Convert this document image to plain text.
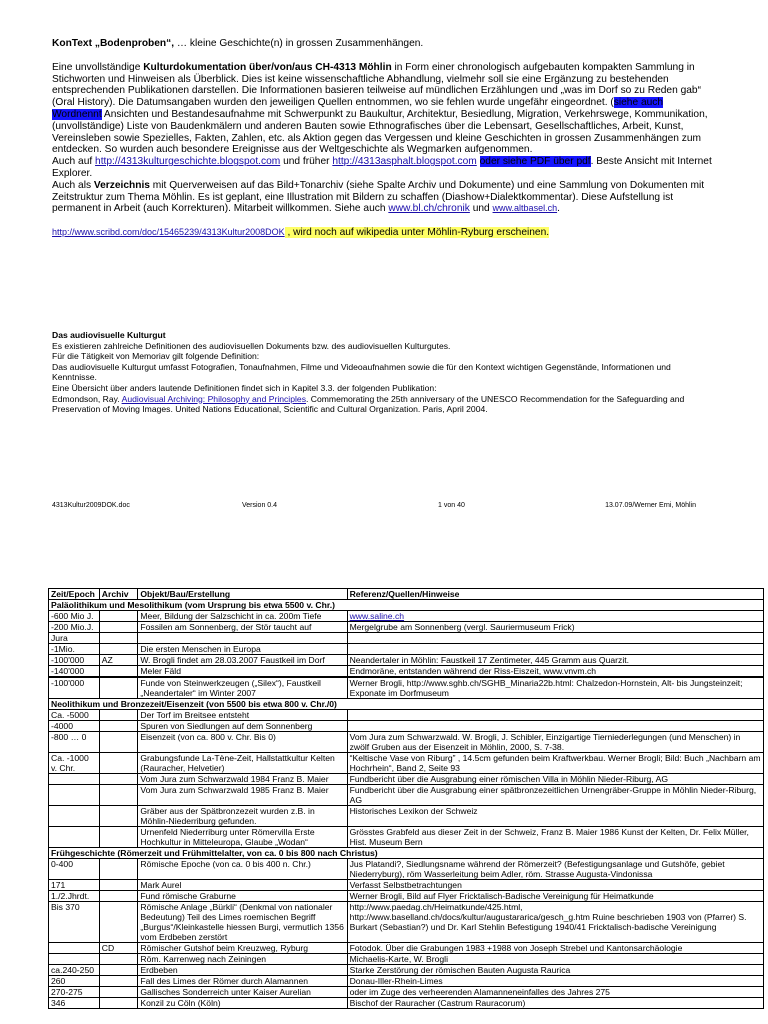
KonText „Bodenproben“, … kleine Geschichte(n) in grossen Zusammenhängen.

Eine unvollständige Kulturdokumentation über/von/aus CH-4313 Möhlin in Form einer chronologisch aufgebauten kompakten Sammlung in Stichworten und Hinweisen als Überblick. Dies ist keine wissenschaftliche Abhandlung, vielmehr soll sie eine Ergänzung zu bestehenden entsprechenden Publikationen darstellen. Die Informationen basieren teilweise auf mündlichen Erzählungen und „was im Dorf so zu Reden gab“ (Oral History). Die Datumsangaben wurden den jeweiligen Quellen entnommen, wo sie fehlen wurde ungefähr eingeordnet. (siehe auch Wordnennt Ansichten und Bestandesaufnahme mit Schwerpunkt zu Baukultur, Architektur, Besiedlung, Migration, Verkehrswege, Kommunikation, (unvollständige) Liste von Baudenkmälern und anderen Bauten sowie Ethnografisches über die Lebensart, Gesellschaftliches, Arbeit, Kunst, Vereinsleben sowie Spezielles, Fakten, Zahlen, etc. als Aktion gegen das Vergessen und kleine Geschichten in grossen Zusammenhängen zum entdecken. So wurden auch besondere Ereignisse aus der Weltgeschichte als Wegmarken aufgenommen.

Auch auf http://4313kulturgeschichte.blogspot.com und früher http://4313asphalt.blogspot.com oder siehe PDF über pdf. Beste Ansicht mit Internet Explorer.

Auch als Verzeichnis mit Querverweisen auf das Bild+Tonarchiv (siehe Spalte Archiv und Dokumente) und eine Sammlung von Dokumenten mit Zeitstruktur zum Thema Möhlin. Es ist geplant, eine Illustration mit Bildern zu schaffen (Diashow+Dialektkommentar). Diese Aufstellung ist permanent in Arbeit (auch Korrekturen). Mitarbeit willkommen. Siehe auch www.bl.ch/chronik und www.altbasel.ch.

http://www.scribd.com/doc/15465239/4313Kultur2008DOK , wird noch auf wikipedia unter Möhlin-Ryburg erscheinen.

Das audiovisuelle Kulturgut

Es existieren zahlreiche Definitionen des audiovisuellen Dokuments bzw. des audiovisuellen Kulturgutes.

Für die Tätigkeit von Memoriav gilt folgende Definition:

Das audiovisuelle Kulturgut umfasst Fotografien, Tonaufnahmen, Filme und Videoaufnahmen sowie die für den Kontext wichtigen Gegenstände, Informationen und Kenntnisse.

Eine Übersicht über anders lautende Definitionen findet sich in Kapitel 3.3. der folgenden Publikation:

Edmondson, Ray. Audiovisual Archiving: Philosophy and Principles. Commemorating the 25th anniversary of the UNESCO Recommendation for the Safeguarding and Preservation of Moving Images. United Nations Educational, Scientific and Cultural Organization. Paris, April 2004.

4313Kultur2009DOK.doc	Version 0.4	1 von 40	13.07.09/Werner Erni, Möhlin
Zeit/Epoch	Archiv	Objekt/Bau/Erstellung	Referenz/Quellen/Hinweise
Paläolithikum und Mesolithikum (vom Ursprung bis etwa 5500 v. Chr.)			
-600 Mio J.		Meer, Bildung der Salzschicht in ca. 200m Tiefe	www.saline.ch
-200 Mio.J.		Fossilen am Sonnenberg, der Stör taucht auf	Mergelgrube am Sonnenberg (vergl. Sauriermuseum Frick)
Jura			
-1Mio.		Die ersten Menschen in Europa	
-100'000	AZ	W. Brogli findet am 28.03.2007 Faustkeil im Dorf	Neandertaler in Möhlin: Faustkeil 17 Zentimeter, 445 Gramm aus Quarzit.
-140'000		Meler Fäld	Endmoräne, entstanden während der Riss-Eiszeit, www.vnvm.ch

-100'000		Funde von Steinwerkzeugen („Silex“), Faustkeil „Neandertaler“ im Winter 2007	Werner Brogli, http://www.sghb.ch/SGHB_Minaria22b.html: Chalzedon-Hornstein, Alt- bis Jungsteinzeit; Exponate im Dorfmuseum
Neolithikum und Bronzezeit/Eisenzeit (von 5500 bis etwa 800 v. Chr./0)			
Ca. -5000		Der Torf im Breitsee entsteht	
-4000		Spuren von Siedlungen auf dem Sonnenberg	
-800 … 0		Eisenzeit (von ca. 800 v. Chr. Bis 0)	Vom Jura zum Schwarzwald. W. Brogli, J. Schibler, Einzigartige Tierniederlegungen (und Menschen) in zwölf Gruben aus der Eisenzeit in Möhlin, 2000, S. 7-38.
Ca. -1000 v. Chr.		Grabungsfunde La-Tène-Zeit, Hallstattkultur Kelten (Rauracher, Helvetier)	“Keltische Vase von Riburg” , 14.5cm gefunden beim Kraftwerkbau. Werner Brogli; Bild: Buch „Nachbarn am Hochrhein“, Band 2, Seite 93
		Vom Jura zum Schwarzwald 1984 Franz B. Maier	Fundbericht über die Ausgrabung einer römischen Villa in Möhlin Nieder-Riburg, AG
		Vom Jura zum Schwarzwald 1985 Franz B. Maier	Fundbericht über die Ausgrabung einer spätbronzezeitlichen Urnengräber-Gruppe in Möhlin Nieder-Riburg, AG
		Gräber aus der Spätbronzezeit wurden z.B. in Möhlin-Niederriburg gefunden.	Historisches Lexikon der Schweiz
		Urnenfeld Niederriburg unter Römervilla Erste Hochkultur in Mitteleuropa, Glaube „Wodan“	Grösstes Grabfeld aus dieser Zeit in der Schweiz, Franz B. Maier 1986 Kunst der Kelten, Dr. Felix Müller, Hist. Museum Bern
Frühgeschichte (Römerzeit und Frühmittelalter, von ca. 0 bis 800 nach Christus)			
0-400		Römische Epoche (von ca. 0 bis 400 n. Chr.)	Jus Platandi?, Siedlungsname während der Römerzeit? (Befestigungsanlage und Gutshöfe, gebiet Niederryburg), röm Wasserleitung beim Adler, röm. Strasse Augusta-Vindonissa
171		Mark Aurel	Verfasst Selbstbetrachtungen
1./2.Jhrdt.		Fund römische Graburne	Werner Brogli, Bild auf Flyer Fricktalisch-Badische Vereinigung für Heimatkunde
Bis 370		Römische Anlage „Bürkli“ (Denkmal von nationaler Bedeutung) Teil des Limes roemischen Begriff „Burgus“/Kleinkastelle hiessen Burgi, vermutlich 1356 vom Erdbeben zerstört	http://www.paedag.ch/Heimatkunde/425.html, http://www.baselland.ch/docs/kultur/augustararica/gesch_g.htm Ruine beschrieben 1903 von (Pfarrer) S. Burkart (Sebastian?) und Dr. Karl Stehlin Befestigung 1940/41 Fricktalisch-badische Vereinigung
	CD	Römischer Gutshof beim Kreuzweg, Ryburg	Fotodok. Über die Grabungen 1983 +1988 von Joseph Strebel und Kantonsarchäologie
		Röm. Karrenweg nach Zeiningen	Michaelis-Karte, W. Brogli
ca.240-250		Erdbeben	Starke Zerstörung der römischen Bauten Augusta Raurica
260		Fall des Limes der Römer durch Alamannen	Donau-Iller-Rhein-Limes
270-275		Gallisches Sonderreich unter Kaiser Aurelian	oder im Zuge des verheerenden Alamanneneinfalles des Jahres 275
346		Konzil zu Cöln (Köln)	Bischof der Rauracher (Castrum Rauracorum)
